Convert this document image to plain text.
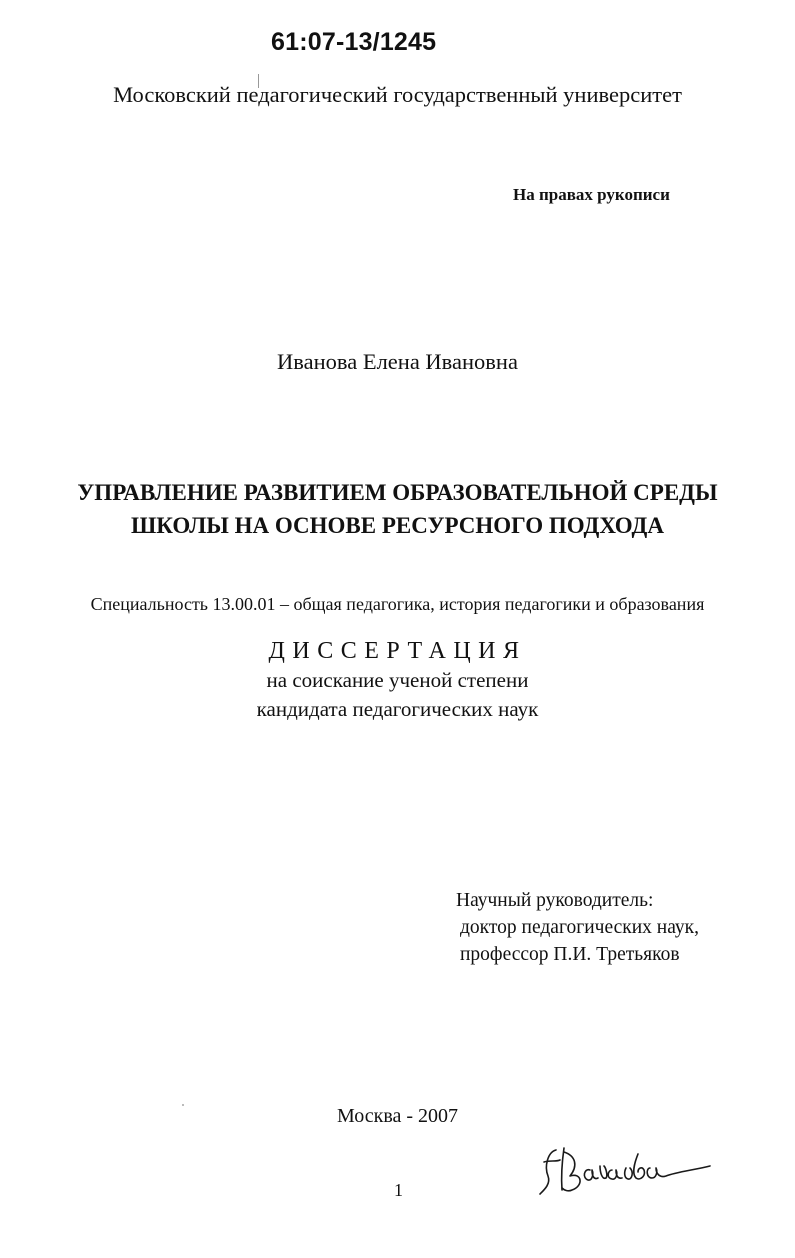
61:07-13/1245
Московский педагогический государственный университет
На правах рукописи
Иванова Елена Ивановна
УПРАВЛЕНИЕ РАЗВИТИЕМ ОБРАЗОВАТЕЛЬНОЙ СРЕДЫ
ШКОЛЫ НА ОСНОВЕ РЕСУРСНОГО ПОДХОДА
Специальность 13.00.01 – общая педагогика, история педагогики и образования
ДИССЕРТАЦИЯ
на соискание ученой степени
кандидата педагогических наук
Научный руководитель:
доктор педагогических наук,
профессор П.И. Третьяков
Москва - 2007
1
